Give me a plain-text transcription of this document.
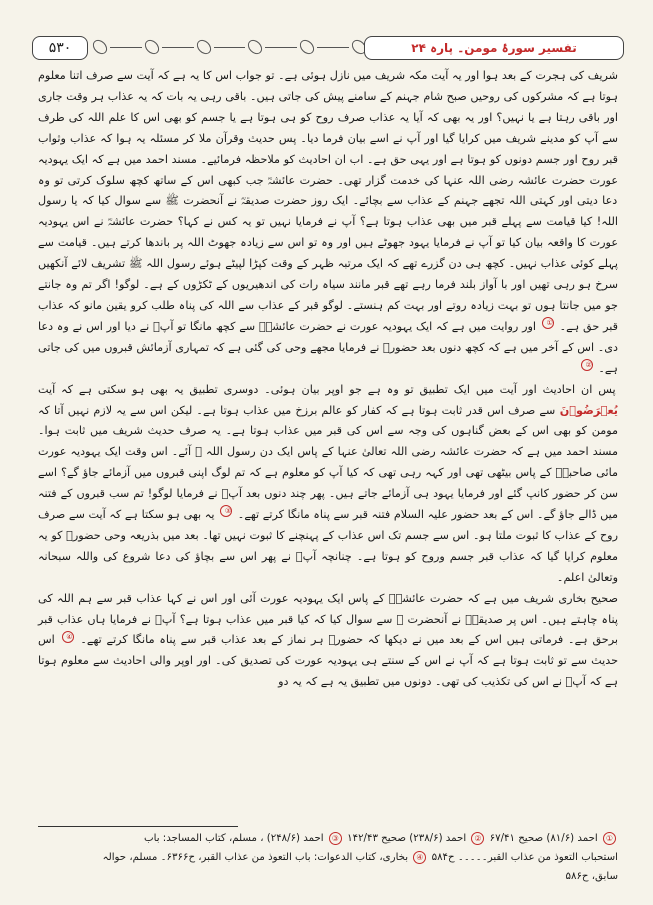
۵۳۰	تفسیر سورۂ مومن۔ پارہ ۲۴

شریف کی ہجرت کے بعد ہوا اور یہ آیت مکہ شریف میں نازل ہوئی ہے۔ تو جواب اس کا یہ ہے کہ آیت سے صرف اتنا معلوم ہوتا ہے کہ مشرکوں کی روحیں صبح شام جہنم کے سامنے پیش کی جاتی ہیں۔ باقی رہی یہ بات کہ یہ عذاب ہر وقت جاری اور باقی رہتا ہے یا نہیں؟ اور یہ بھی کہ آیا یہ عذاب صرف روح کو ہی ہوتا ہے یا جسم کو بھی اس کا علم اللہ کی طرف سے آپ کو مدینے شریف میں کرایا گیا اور آپ نے اسے بیان فرما دیا۔ پس حدیث وقرآن ملا کر مسئلہ یہ ہوا کہ عذاب وثواب قبر روح اور جسم دونوں کو ہوتا ہے اور یہی حق ہے۔ اب ان احادیث کو ملاحظہ فرمائیے۔ مسند احمد میں ہے کہ ایک یہودیہ عورت حضرت عائشہ رضی اللہ عنہا کی خدمت گزار تھی۔ حضرت عائشہؓ جب کبھی اس کے ساتھ کچھ سلوک کرتی تو وہ دعا دیتی اور کہتی اللہ تجھے جہنم کے عذاب سے بچائے۔ ایک روز حضرت صدیقہؓ نے آنحضرت ﷺ سے سوال کیا کہ یا رسول اللہ! کیا قیامت سے پہلے قبر میں بھی عذاب ہوتا ہے؟ آپ نے فرمایا نہیں تو یہ کس نے کہا؟ حضرت عائشہؓ نے اس یہودیہ عورت کا واقعہ بیان کیا تو آپ نے فرمایا یہود جھوٹے ہیں اور وہ تو اس سے زیادہ جھوٹ اللہ پر باندھا کرتے ہیں۔ قیامت سے پہلے کوئی عذاب نہیں۔ کچھ ہی دن گزرے تھے کہ ایک مرتبہ ظہر کے وقت کپڑا لپیٹے ہوئے رسول اللہ ﷺ تشریف لائے آنکھیں سرخ ہو رہی تھیں اور با آواز بلند فرما رہے تھے قبر مانند سیاہ رات کی اندھیریوں کے ٹکڑوں کے ہے۔ لوگو! اگر تم وہ جانتے جو میں جانتا ہوں تو بہت زیادہ روتے اور بہت کم ہنستے۔ لوگو قبر کے عذاب سے اللہ کی پناہ طلب کرو یقین مانو کہ عذاب قبر حق ہے۔ ① اور روایت میں ہے کہ ایک یہودیہ عورت نے حضرت عائشہؓ سے کچھ مانگا تو آپؓ نے دیا اور اس نے وہ دعا دی۔ اس کے آخر میں ہے کہ کچھ دنوں بعد حضورؐ نے فرمایا مجھے وحی کی گئی ہے کہ تمہاری آزمائش قبروں میں کی جاتی ہے۔ ②

پس ان احادیث اور آیت میں ایک تطبیق تو وہ ہے جو اوپر بیان ہوئی۔ دوسری تطبیق یہ بھی ہو سکتی ہے کہ آیت یُعۡرَضُوۡنَ سے صرف اس قدر ثابت ہوتا ہے کہ کفار کو عالم برزخ میں عذاب ہوتا ہے۔ لیکن اس سے یہ لازم نہیں آتا کہ مومن کو بھی اس کے بعض گناہوں کی وجہ سے اس کی قبر میں عذاب ہوتا ہے۔ یہ صرف حدیث شریف میں ثابت ہوا۔ مسند احمد میں ہے کہ حضرت عائشہ رضی اللہ تعالیٰ عنہا کے پاس ایک دن رسول اللہ ﷺ آئے۔ اس وقت ایک یہودیہ عورت مائی صاحبہؓ کے پاس بیٹھی تھی اور کہہ رہی تھی کہ کیا آپ کو معلوم ہے کہ تم لوگ اپنی قبروں میں آزمائے جاؤ گے؟ اسے سن کر حضور کانپ گئے اور فرمایا یہود ہی آزمائے جاتے ہیں۔ پھر چند دنوں بعد آپؐ نے فرمایا لوگو! تم سب قبروں کے فتنہ میں ڈالے جاؤ گے۔ اس کے بعد حضور علیہ السلام فتنہ قبر سے پناہ مانگا کرتے تھے۔ ③ یہ بھی ہو سکتا ہے کہ آیت سے صرف روح کے عذاب کا ثبوت ملتا ہو۔ اس سے جسم تک اس عذاب کے پہنچنے کا ثبوت نہیں تھا۔ بعد میں بذریعہ وحی حضورؐ کو یہ معلوم کرایا گیا کہ عذاب قبر جسم وروح کو ہوتا ہے۔ چنانچہ آپؐ نے پھر اس سے بچاؤ کی دعا شروع کی واللہ سبحانہ وتعالیٰ اعلم۔

صحیح بخاری شریف میں ہے کہ حضرت عائشہؓ کے پاس ایک یہودیہ عورت آئی اور اس نے کہا عذاب قبر سے ہم اللہ کی پناہ چاہتے ہیں۔ اس پر صدیقہؓ نے آنحضرت ﷺ سے سوال کیا کہ کیا قبر میں عذاب ہوتا ہے؟ آپؐ نے فرمایا ہاں عذاب قبر برحق ہے۔ فرماتی ہیں اس کے بعد میں نے دیکھا کہ حضورؐ ہر نماز کے بعد عذاب قبر سے پناہ مانگا کرتے تھے۔ ④ اس حدیث سے تو ثابت ہوتا ہے کہ آپ نے اس کے سنتے ہی یہودیہ عورت کی تصدیق کی۔ اور اوپر والی احادیث سے معلوم ہوتا ہے کہ آپؐ نے اس کی تکذیب کی تھی۔ دونوں میں تطبیق یہ ہے کہ یہ دو

① احمد (۸۱/۶) صحیح ۶۷/۴۱ ② احمد (۲۳۸/۶) صحیح ۱۴۲/۴۳ ③ احمد (۲۴۸/۶) ، مسلم، کتاب المساجد: باب
استحباب التعوذ من عذاب القبر۔۔۔۔۔ ح۵۸۴ ④ بخاری، کتاب الدعوات: باب التعوذ من عذاب القبر، ح۶۳۶۶۔ مسلم، حوالہ
سابق، ح۵۸۶
